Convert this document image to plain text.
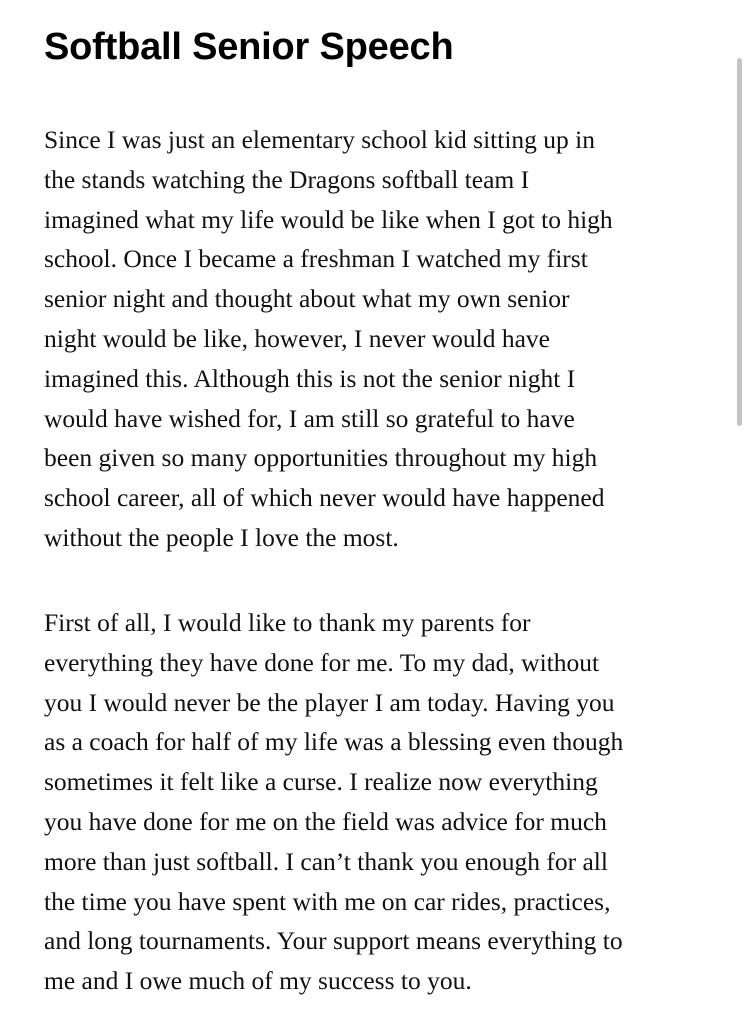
Softball Senior Speech

Since I was just an elementary school kid sitting up in
the stands watching the Dragons softball team I
imagined what my life would be like when I got to high
school. Once I became a freshman I watched my first
senior night and thought about what my own senior
night would be like, however, I never would have
imagined this. Although this is not the senior night I
would have wished for, I am still so grateful to have
been given so many opportunities throughout my high
school career, all of which never would have happened
without the people I love the most.

First of all, I would like to thank my parents for
everything they have done for me. To my dad, without
you I would never be the player I am today. Having you
as a coach for half of my life was a blessing even though
sometimes it felt like a curse. I realize now everything
you have done for me on the field was advice for much
more than just softball. I can’t thank you enough for all
the time you have spent with me on car rides, practices,
and long tournaments. Your support means everything to
me and I owe much of my success to you.
